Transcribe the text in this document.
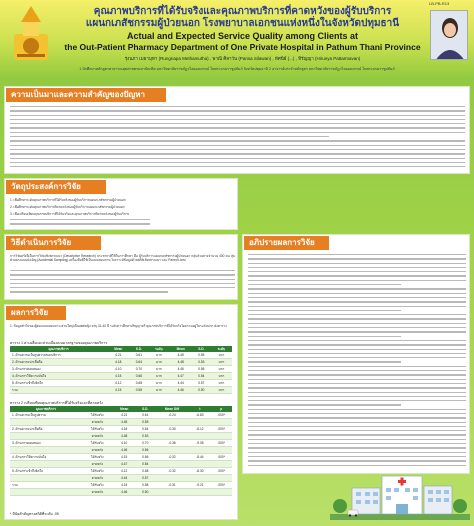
LB-PB-R13
คุณภาพบริการที่ได้รับจริงและคุณภาพบริการที่คาดหวังของผู้รับบริการ
แผนกเภสัชกรรมผู้ป่วยนอก โรงพยาบาลเอกชนแห่งหนึ่งในจังหวัดปทุมธานี
Actual and Expected Service Quality among Clients at
the Out-Patient Pharmacy Department of One Private Hospital in Pathum Thani Province
รุ่งนภา เมธามุทา (Rungnapa Methamutha) , พาณิ ศิลาวัน (Pansa Silawan) , ทัศนีย์ (...) , หิรัญญา (Hirunya Pattarmavan)
1 นักศึกษาหลักสูตรสาธารณสุขศาสตรมหาบัณฑิต มหาวิทยาลัยราชภัฏวไลยอลงกรณ์ ในพระบรมราชูปถัมภ์ จังหวัดปทุมธานี 2 อาจารย์ประจำหลักสูตร มหาวิทยาลัยราชภัฏวไลยอลงกรณ์ ในพระบรมราชูปถัมภ์
ความเป็นมาและความสำคัญของปัญหา
วัตถุประสงค์การวิจัย
1. เพื่อศึกษาระดับคุณภาพบริการที่ได้รับจริงของผู้รับบริการแผนกเภสัชกรรมผู้ป่วยนอก
2. เพื่อศึกษาระดับคุณภาพบริการที่คาดหวังของผู้รับบริการแผนกเภสัชกรรมผู้ป่วยนอก
3. เพื่อเปรียบเทียบคุณภาพบริการที่ได้รับจริงและคุณภาพบริการที่คาดหวังของผู้รับบริการ
วิธีดำเนินการวิจัย
การวิจัยครั้งนี้เป็นการวิจัยเชิงพรรณนา (Descriptive Research) ประชากรที่ใช้ในการศึกษา คือ ผู้รับบริการแผนกเภสัชกรรมผู้ป่วยนอก กลุ่มตัวอย่างจำนวน 400 คน สุ่มตัวอย่างแบบบังเอิญ (Accidental Sampling) เครื่องมือที่ใช้เป็นแบบสอบถาม วิเคราะห์ข้อมูลด้วยสถิติเชิงพรรณนา และ Paired t-test
ผลการวิจัย
1. ข้อมูลทั่วไปของผู้ตอบแบบสอบถาม ส่วนใหญ่เป็นเพศหญิง อายุ 31-40 ปี ระดับการศึกษาปริญญาตรี คุณภาพบริการที่ได้รับจริงโดยรวมอยู่ในระดับมาก ดังตาราง
ตาราง 1 ค่าเฉลี่ยและส่วนเบี่ยงเบนมาตรฐานของคุณภาพบริการ
คุณภาพบริการ	Mean	S.D.	ระดับ	Mean	S.D.	ระดับ
1. ด้านความเป็นรูปธรรมของบริการ	4.21	0.61	มาก	4.45	0.55	มาก
2. ด้านความน่าเชื่อถือ	4.18	0.64	มาก	4.48	0.53	มาก
3. ด้านการตอบสนอง	4.10	0.70	มาก	4.46	0.56	มาก
4. ด้านการให้ความมั่นใจ	4.15	0.66	มาก	4.47	0.54	มาก
5. ด้านการเข้าถึงจิตใจ	4.12	0.68	มาก	4.44	0.57	มาก
รวม	4.15	0.58	มาก	4.46	0.50	มาก
ตาราง 2 เปรียบเทียบคุณภาพบริการที่ได้รับจริงและที่คาดหวัง
คุณภาพบริการ		Mean	S.D.	Mean Diff	t	p
1. ด้านความเป็นรูปธรรม	ได้รับจริง	4.21	0.61	-0.24	-6.83	.000*
	คาดหวัง	4.45	0.55			
2. ด้านความน่าเชื่อถือ	ได้รับจริง	4.18	0.64	-0.30	-8.12	.000*
	คาดหวัง	4.48	0.53			
3. ด้านการตอบสนอง	ได้รับจริง	4.10	0.70	-0.36	-9.05	.000*
	คาดหวัง	4.46	0.56			
4. ด้านการให้ความมั่นใจ	ได้รับจริง	4.15	0.66	-0.32	-8.44	.000*
	คาดหวัง	4.47	0.54			
5. ด้านการเข้าถึงจิตใจ	ได้รับจริง	4.12	0.68	-0.32	-8.30	.000*
	คาดหวัง	4.44	0.57			
รวม	ได้รับจริง	4.15	0.58	-0.31	-9.21	.000*
	คาดหวัง	4.46	0.50			
* มีนัยสำคัญทางสถิติที่ระดับ .05
อภิปรายผลการวิจัย
